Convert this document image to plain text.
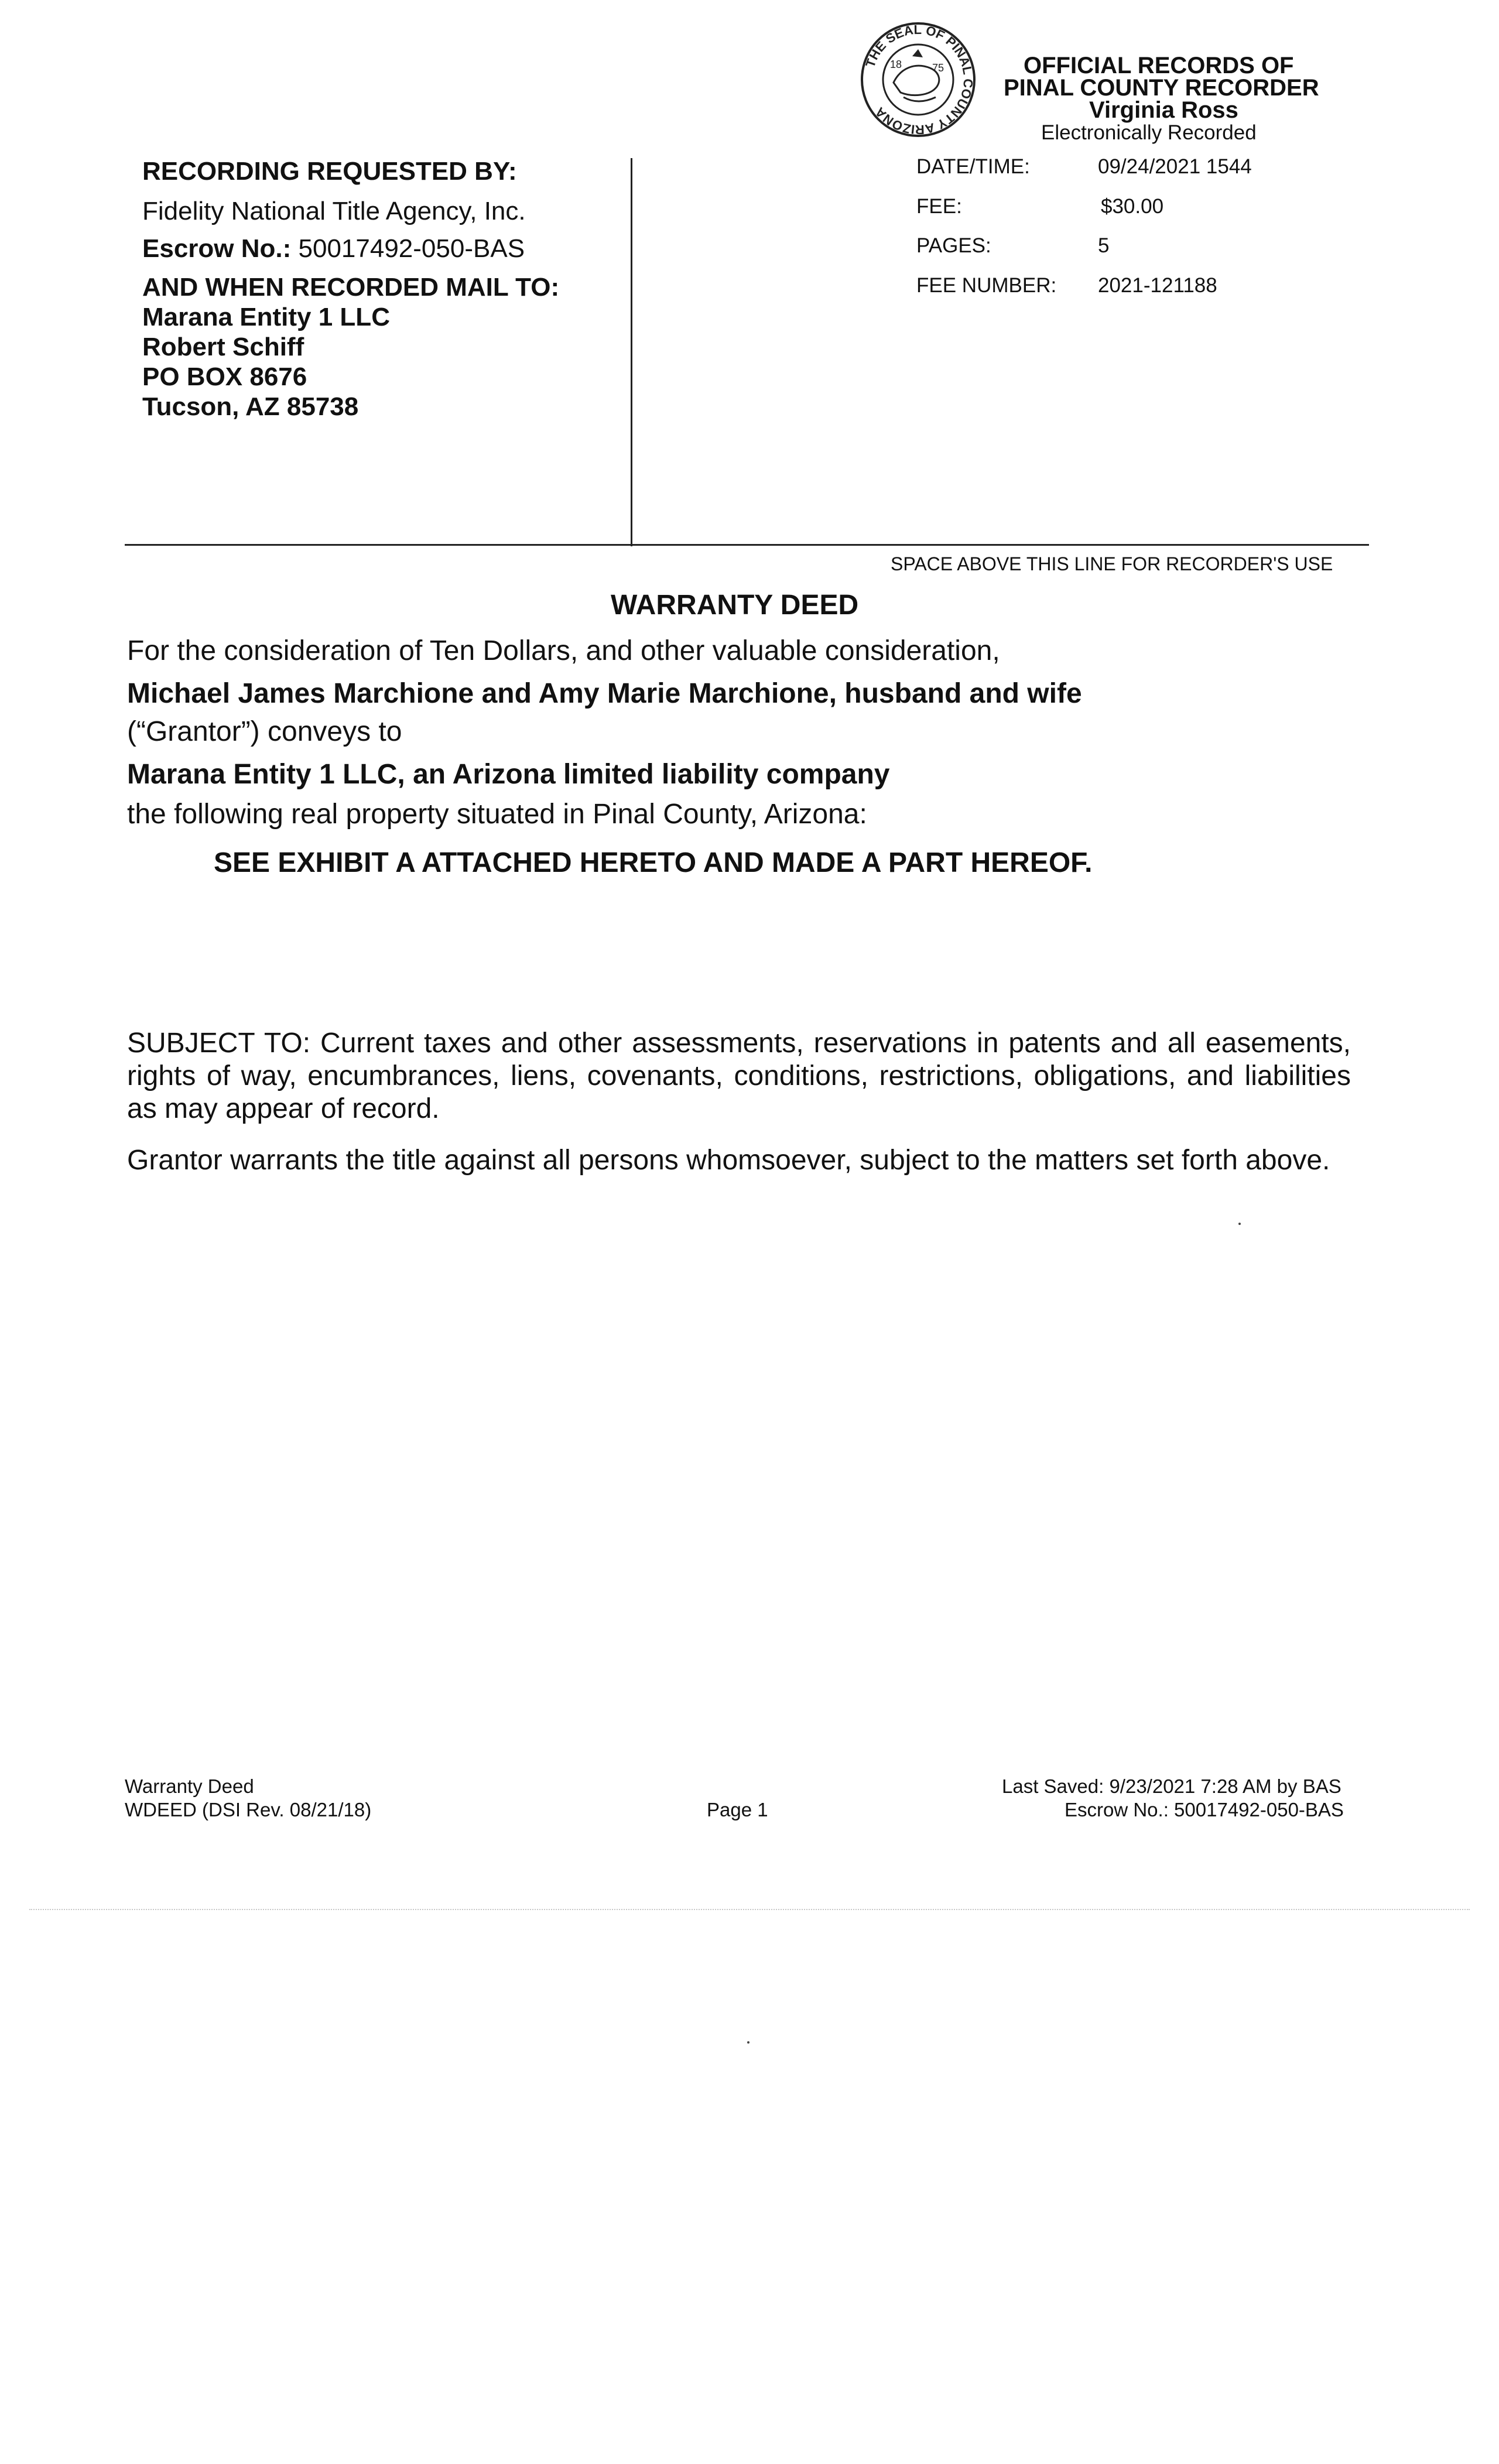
THE SEAL OF PINAL COUNTY ARIZONA
18	75	OFFICIAL RECORDS OF
PINAL COUNTY RECORDER
Virginia Ross
Electronically Recorded
DATE/TIME:	09/24/2021 1544
FEE:	$30.00
PAGES:	5
FEE NUMBER: 2021-121188
RECORDING REQUESTED BY:
Fidelity National Title Agency, Inc.
Escrow No.: 50017492-050-BAS
AND WHEN RECORDED MAIL TO:
Marana Entity 1 LLC
Robert Schiff
PO BOX 8676
Tucson, AZ 85738
SPACE ABOVE THIS LINE FOR RECORDER'S USE
WARRANTY DEED
For the consideration of Ten Dollars, and other valuable consideration,
Michael James Marchione and Amy Marie Marchione, husband and wife
(“Grantor”) conveys to
Marana Entity 1 LLC, an Arizona limited liability company
the following real property situated in Pinal County, Arizona:
SEE EXHIBIT A ATTACHED HERETO AND MADE A PART HEREOF.
SUBJECT TO: Current taxes and other assessments, reservations in patents and all easements, rights of way, encumbrances, liens, covenants, conditions, restrictions, obligations, and liabilities as may appear of record.
Grantor warrants the title against all persons whomsoever, subject to the matters set forth above.
Warranty Deed
WDEED (DSI Rev. 08/21/18)	Page 1
Last Saved: 9/23/2021 7:28 AM by BAS
Escrow No.: 50017492-050-BAS
